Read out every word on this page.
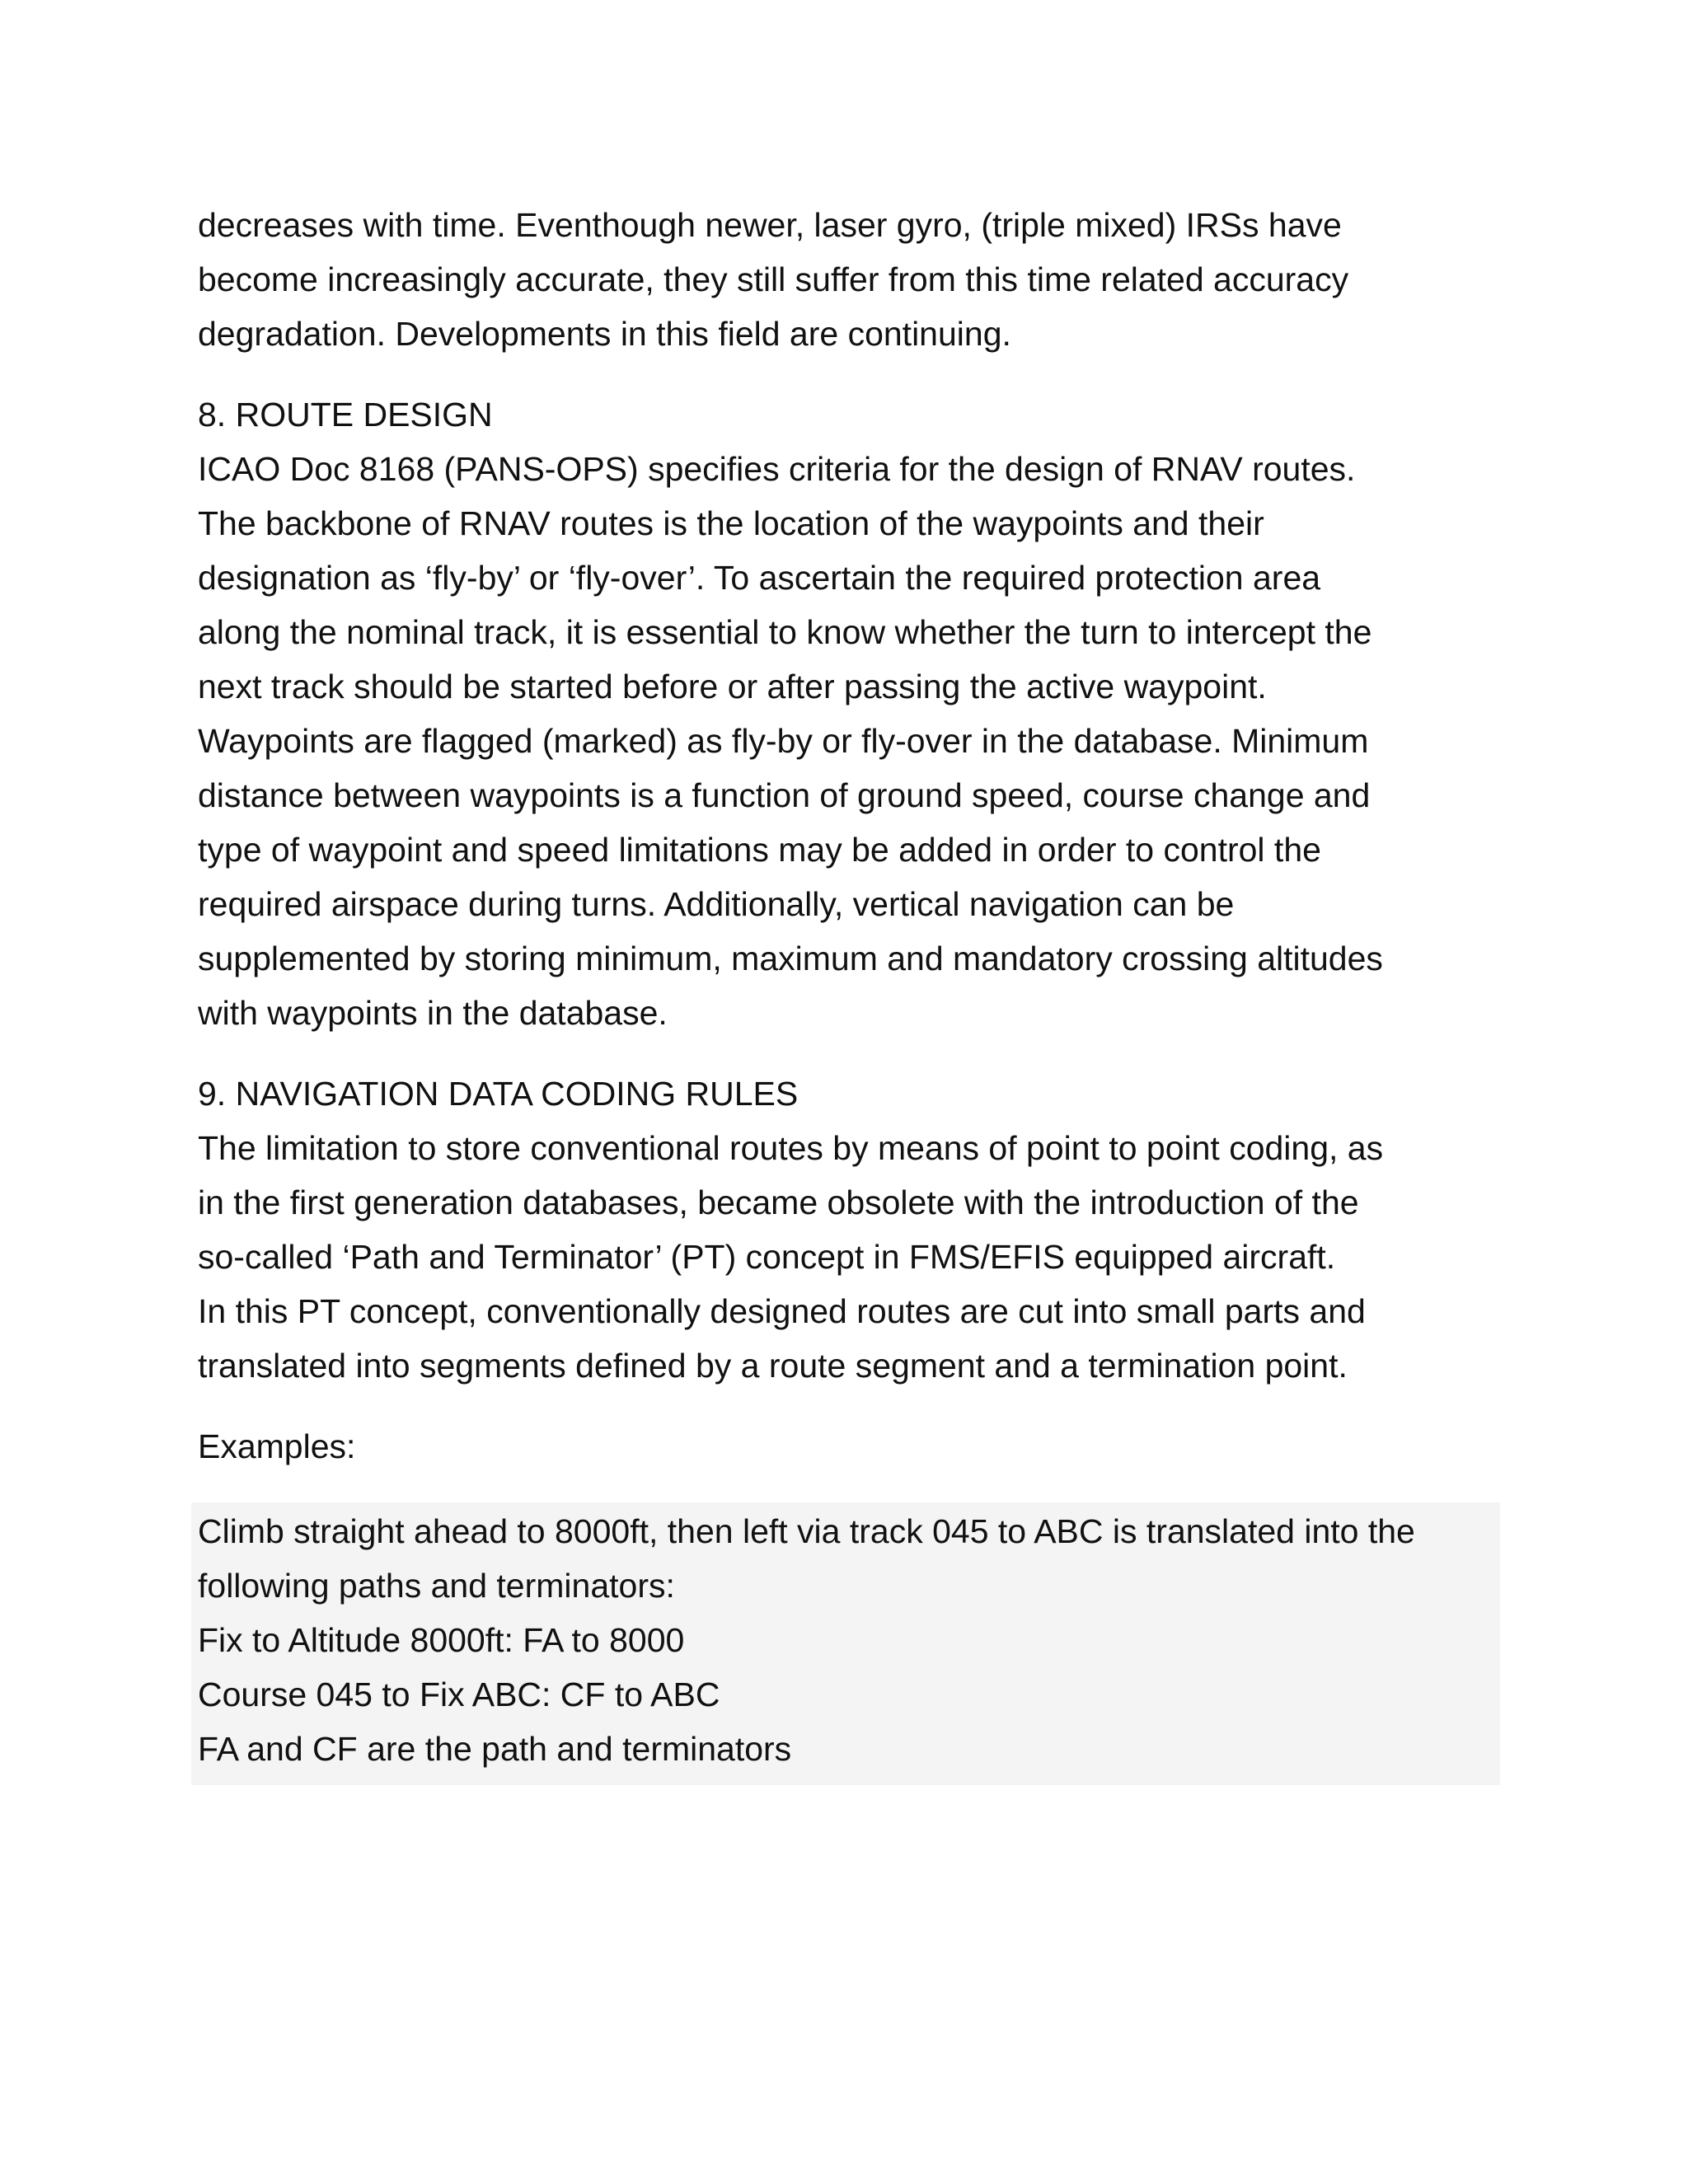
decreases with time. Eventhough newer, laser gyro, (triple mixed) IRSs have
become increasingly accurate, they still suffer from this time related accuracy
degradation. Developments in this field are continuing.

8. ROUTE DESIGN
ICAO Doc 8168 (PANS-OPS) specifies criteria for the design of RNAV routes.
The backbone of RNAV routes is the location of the waypoints and their
designation as ‘fly-by’ or ‘fly-over’. To ascertain the required protection area
along the nominal track, it is essential to know whether the turn to intercept the
next track should be started before or after passing the active waypoint.
Waypoints are flagged (marked) as fly-by or fly-over in the database. Minimum
distance between waypoints is a function of ground speed, course change and
type of waypoint and speed limitations may be added in order to control the
required airspace during turns. Additionally, vertical navigation can be
supplemented by storing minimum, maximum and mandatory crossing altitudes
with waypoints in the database.

9. NAVIGATION DATA CODING RULES
The limitation to store conventional routes by means of point to point coding, as
in the first generation databases, became obsolete with the introduction of the
so-called ‘Path and Terminator’ (PT) concept in FMS/EFIS equipped aircraft.
In this PT concept, conventionally designed routes are cut into small parts and
translated into segments defined by a route segment and a termination point.

Examples:

Climb straight ahead to 8000ft, then left via track 045 to ABC is translated into the
following paths and terminators:
Fix to Altitude 8000ft: FA to 8000
Course 045 to Fix ABC: CF to ABC
FA and CF are the path and terminators
